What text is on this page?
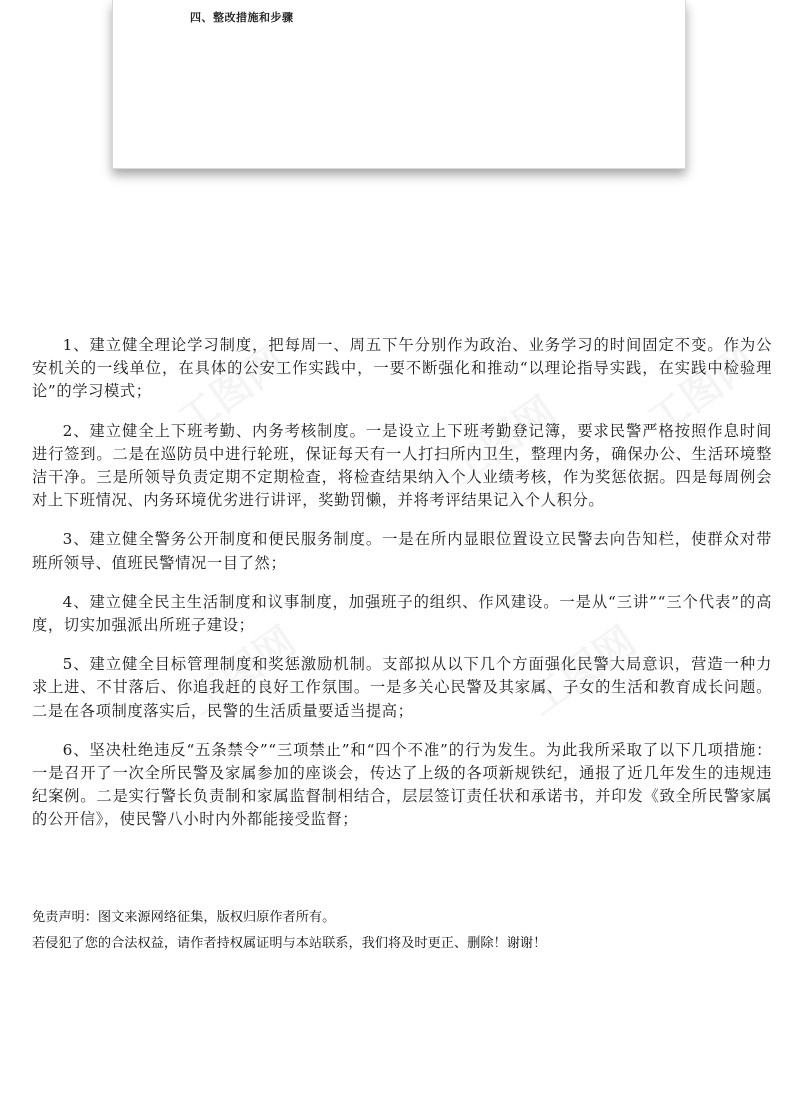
四、整改措施和步骤

1、建立健全理论学习制度，把每周一、周五下午分别作为政治、业务学习的时间固定不变。作为公安机关的一线单位，在具体的公安工作实践中，一要不断强化和推动“以理论指导实践，在实践中检验理论”的学习模式；

2、建立健全上下班考勤、内务考核制度。一是设立上下班考勤登记簿，要求民警严格按照作息时间进行签到。二是在巡防员中进行轮班，保证每天有一人打扫所内卫生，整理内务，确保办公、生活环境整洁干净。三是所领导负责定期不定期检查，将检查结果纳入个人业绩考核，作为奖惩依据。四是每周例会对上下班情况、内务环境优劣进行讲评，奖勤罚懒，并将考评结果记入个人积分。

3、建立健全警务公开制度和便民服务制度。一是在所内显眼位置设立民警去向告知栏，使群众对带班所领导、值班民警情况一目了然；

4、建立健全民主生活制度和议事制度，加强班子的组织、作风建设。一是从“三讲”“三个代表”的高度，切实加强派出所班子建设；

5、建立健全目标管理制度和奖惩激励机制。支部拟从以下几个方面强化民警大局意识，营造一种力求上进、不甘落后、你追我赶的良好工作氛围。一是多关心民警及其家属、子女的生活和教育成长问题。二是在各项制度落实后，民警的生活质量要适当提高；

6、坚决杜绝违反“五条禁令”“三项禁止”和“四个不准”的行为发生。为此我所采取了以下几项措施：一是召开了一次全所民警及家属参加的座谈会，传达了上级的各项新规铁纪，通报了近几年发生的违规违纪案例。二是实行警长负责制和家属监督制相结合，层层签订责任状和承诺书，并印发《致全所民警家属的公开信》，使民警八小时内外都能接受监督；

免责声明：图文来源网络征集，版权归原作者所有。
若侵犯了您的合法权益，请作者持权属证明与本站联系，我们将及时更正、删除！谢谢！
